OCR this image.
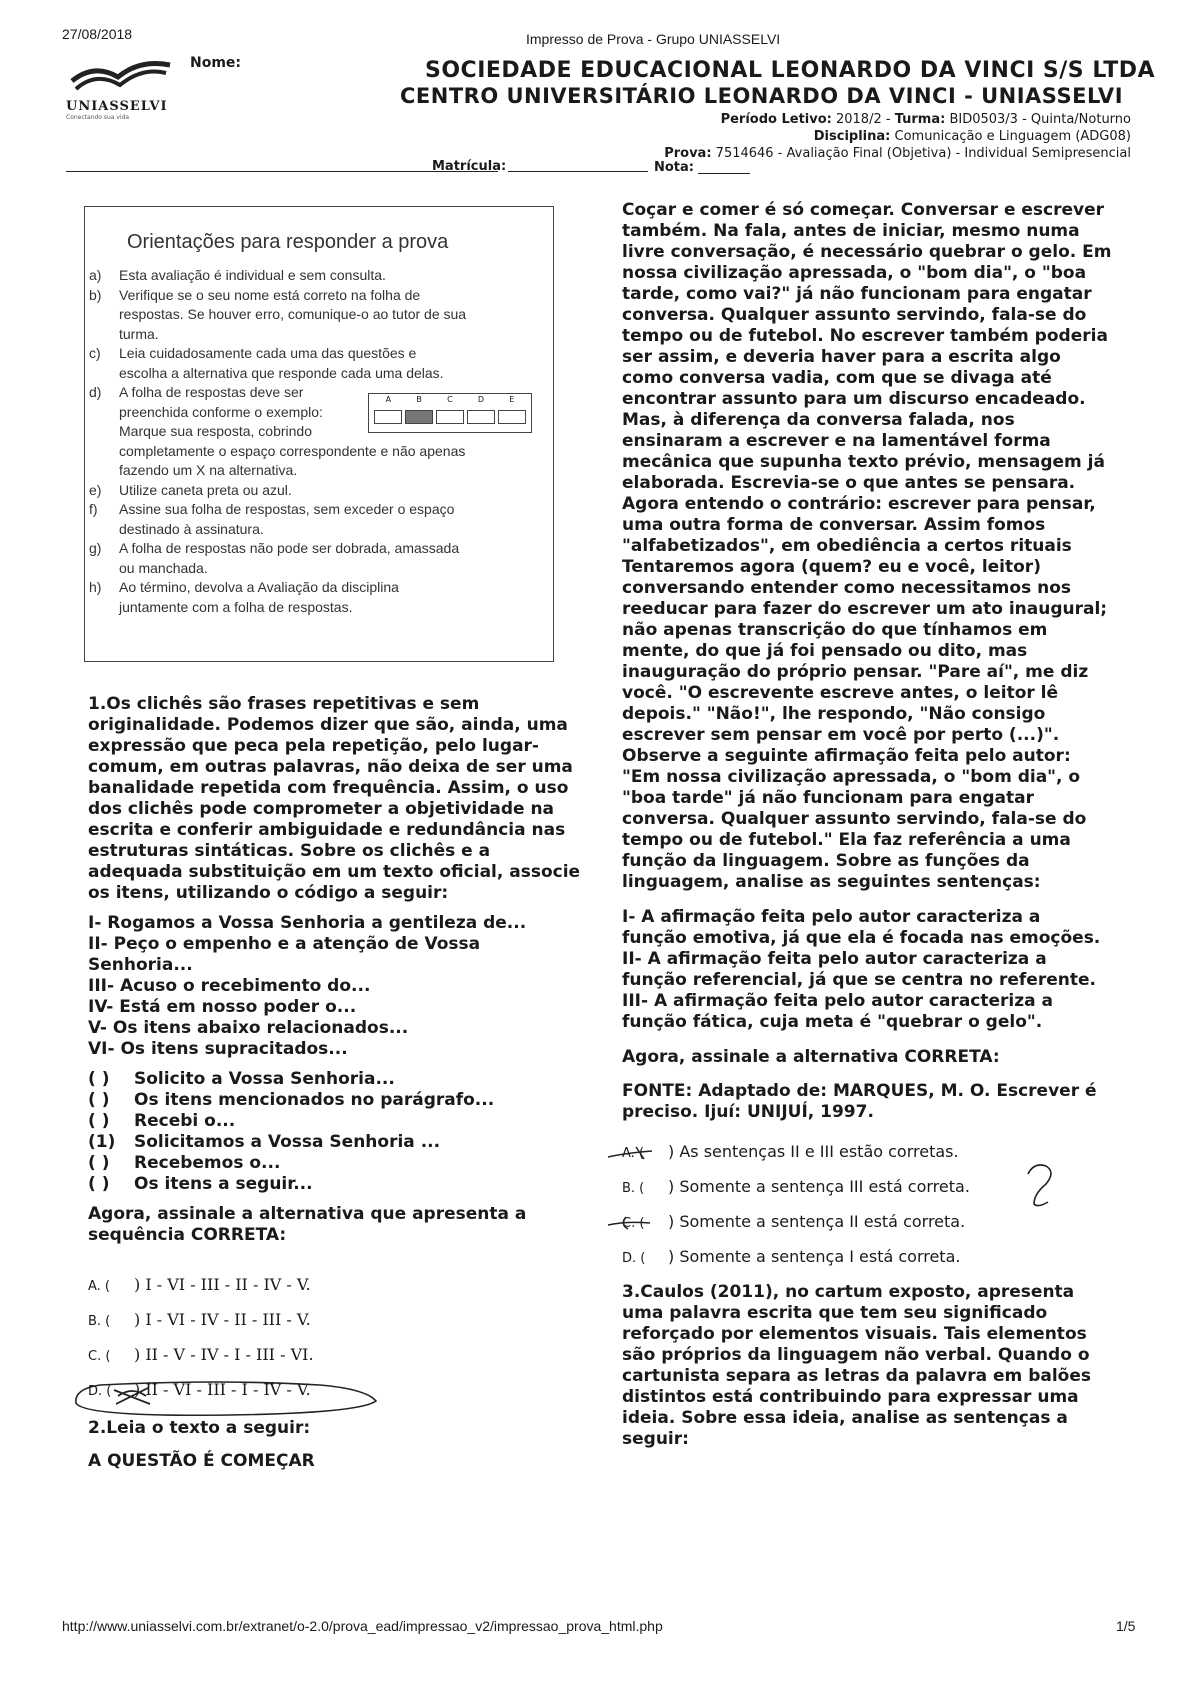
27/08/2018	Impresso de Prova - Grupo UNIASSELVI
UNIASSELVI
Conectando sua vida
Nome:	SOCIEDADE EDUCACIONAL LEONARDO DA VINCI S/S LTDA
CENTRO UNIVERSITÁRIO LEONARDO DA VINCI - UNIASSELVI
Período Letivo: 2018/2 - Turma: BID0503/3 - Quinta/Noturno
Disciplina: Comunicação e Linguagem (ADG08)
Prova: 7514646 - Avaliação Final (Objetiva) - Individual Semipresencial
Matrícula:	Nota:
Orientações para responder a prova
a) Esta avaliação é individual e sem consulta.
b) Verifique se o seu nome está correto na folha de
respostas. Se houver erro, comunique-o ao tutor de sua
turma.
c) Leia cuidadosamente cada uma das questões e
escolha a alternativa que responde cada uma delas.
d) A folha de respostas deve ser
preenchida conforme o exemplo:
Marque sua resposta, cobrindo
completamente o espaço correspondente e não apenas
fazendo um X na alternativa.
e) Utilize caneta preta ou azul.
f) Assine sua folha de respostas, sem exceder o espaço
destinado à assinatura.
g) A folha de respostas não pode ser dobrada, amassada
ou manchada.
h) Ao término, devolva a Avaliação da disciplina
juntamente com a folha de respostas.
A	B	C	D	E
1.Os clichês são frases repetitivas e sem
originalidade. Podemos dizer que são, ainda, uma
expressão que peca pela repetição, pelo lugar-
comum, em outras palavras, não deixa de ser uma
banalidade repetida com frequência. Assim, o uso
dos clichês pode comprometer a objetividade na
escrita e conferir ambiguidade e redundância nas
estruturas sintáticas. Sobre os clichês e a
adequada substituição em um texto oficial, associe
os itens, utilizando o código a seguir:
I- Rogamos a Vossa Senhoria a gentileza de...
II- Peço o empenho e a atenção de Vossa
Senhoria...
III- Acuso o recebimento do...
IV- Está em nosso poder o...
V- Os itens abaixo relacionados...
VI- Os itens supracitados...
( ) Solicito a Vossa Senhoria...
( ) Os itens mencionados no parágrafo...
( ) Recebi o...
(1) Solicitamos a Vossa Senhoria ...
( ) Recebemos o...
( ) Os itens a seguir...
Agora, assinale a alternativa que apresenta a
sequência CORRETA:
A. ( ) I - VI - III - II - IV - V.
B. ( ) I - VI - IV - II - III - V.
C. ( ) II - V - IV - I - III - VI.
D. ( ) II - VI - III - I - IV - V.
2.Leia o texto a seguir:
A QUESTÃO É COMEÇAR
Coçar e comer é só começar. Conversar e escrever
também. Na fala, antes de iniciar, mesmo numa
livre conversação, é necessário quebrar o gelo. Em
nossa civilização apressada, o "bom dia", o "boa
tarde, como vai?" já não funcionam para engatar
conversa. Qualquer assunto servindo, fala-se do
tempo ou de futebol. No escrever também poderia
ser assim, e deveria haver para a escrita algo
como conversa vadia, com que se divaga até
encontrar assunto para um discurso encadeado.
Mas, à diferença da conversa falada, nos
ensinaram a escrever e na lamentável forma
mecânica que supunha texto prévio, mensagem já
elaborada. Escrevia-se o que antes se pensara.
Agora entendo o contrário: escrever para pensar,
uma outra forma de conversar. Assim fomos
"alfabetizados", em obediência a certos rituais
Tentaremos agora (quem? eu e você, leitor)
conversando entender como necessitamos nos
reeducar para fazer do escrever um ato inaugural;
não apenas transcrição do que tínhamos em
mente, do que já foi pensado ou dito, mas
inauguração do próprio pensar. "Pare aí", me diz
você. "O escrevente escreve antes, o leitor lê
depois." "Não!", lhe respondo, "Não consigo
escrever sem pensar em você por perto (...)".
Observe a seguinte afirmação feita pelo autor:
"Em nossa civilização apressada, o "bom dia", o
"boa tarde" já não funcionam para engatar
conversa. Qualquer assunto servindo, fala-se do
tempo ou de futebol." Ela faz referência a uma
função da linguagem. Sobre as funções da
linguagem, analise as seguintes sentenças:
I- A afirmação feita pelo autor caracteriza a
função emotiva, já que ela é focada nas emoções.
II- A afirmação feita pelo autor caracteriza a
função referencial, já que se centra no referente.
III- A afirmação feita pelo autor caracteriza a
função fática, cuja meta é "quebrar o gelo".
Agora, assinale a alternativa CORRETA:
FONTE: Adaptado de: MARQUES, M. O. Escrever é
preciso. Ijuí: UNIJUÍ, 1997.
A. ( ) As sentenças II e III estão corretas.
B. ( ) Somente a sentença III está correta.
C. ( ) Somente a sentença II está correta.
D. ( ) Somente a sentença I está correta.
3.Caulos (2011), no cartum exposto, apresenta
uma palavra escrita que tem seu significado
reforçado por elementos visuais. Tais elementos
são próprios da linguagem não verbal. Quando o
cartunista separa as letras da palavra em balões
distintos está contribuindo para expressar uma
ideia. Sobre essa ideia, analise as sentenças a
seguir:
http://www.uniasselvi.com.br/extranet/o-2.0/prova_ead/impressao_v2/impressao_prova_html.php	1/5
